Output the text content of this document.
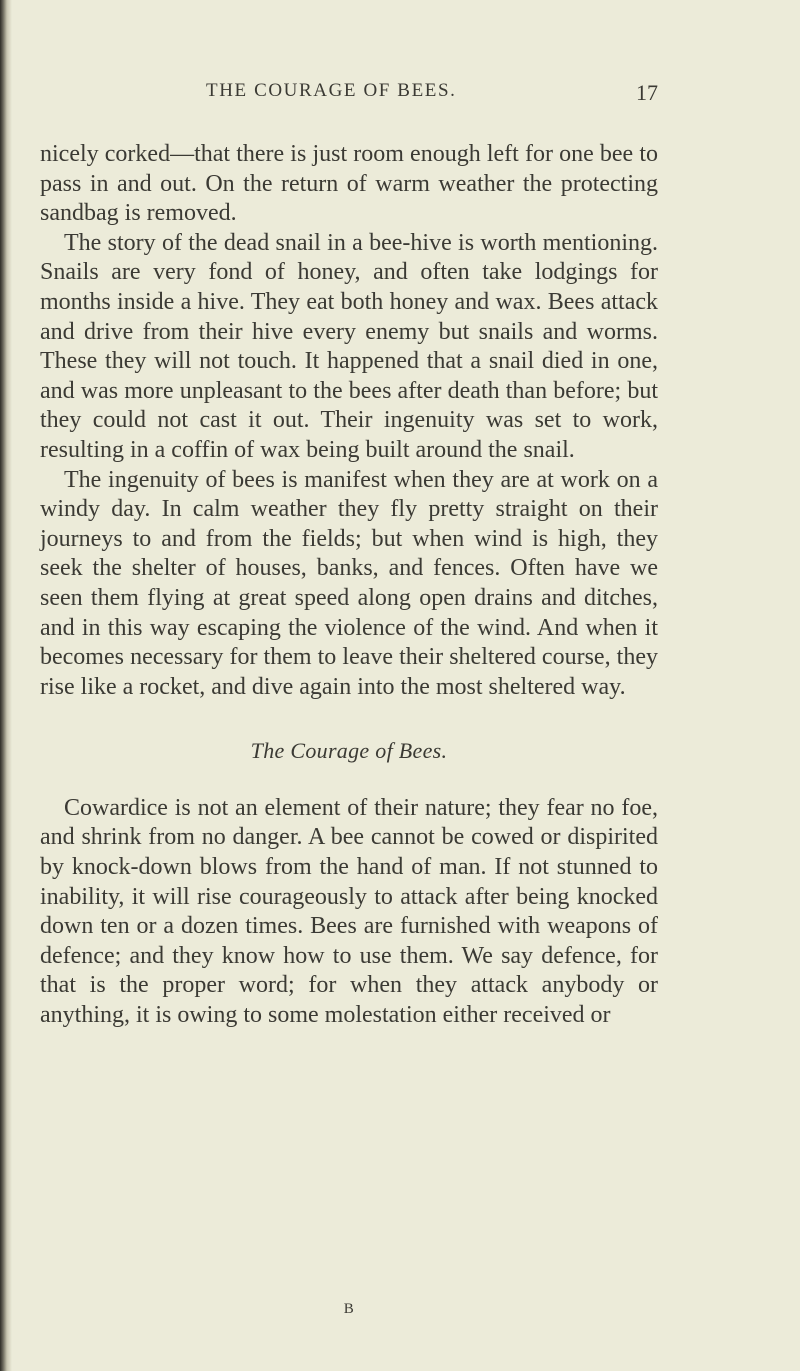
THE COURAGE OF BEES.	17

nicely corked—that there is just room enough left for one bee to pass in and out. On the return of warm weather the protecting sandbag is removed.

The story of the dead snail in a bee-hive is worth mentioning. Snails are very fond of honey, and often take lodgings for months inside a hive. They eat both honey and wax. Bees attack and drive from their hive every enemy but snails and worms. These they will not touch. It happened that a snail died in one, and was more unpleasant to the bees after death than before; but they could not cast it out. Their ingenuity was set to work, resulting in a coffin of wax being built around the snail.

The ingenuity of bees is manifest when they are at work on a windy day. In calm weather they fly pretty straight on their journeys to and from the fields; but when wind is high, they seek the shelter of houses, banks, and fences. Often have we seen them flying at great speed along open drains and ditches, and in this way escaping the violence of the wind. And when it becomes necessary for them to leave their sheltered course, they rise like a rocket, and dive again into the most sheltered way.

The Courage of Bees.

Cowardice is not an element of their nature; they fear no foe, and shrink from no danger. A bee cannot be cowed or dispirited by knock-down blows from the hand of man. If not stunned to inability, it will rise courageously to attack after being knocked down ten or a dozen times. Bees are furnished with weapons of defence; and they know how to use them. We say defence, for that is the proper word; for when they attack anybody or anything, it is owing to some molestation either received or

B
